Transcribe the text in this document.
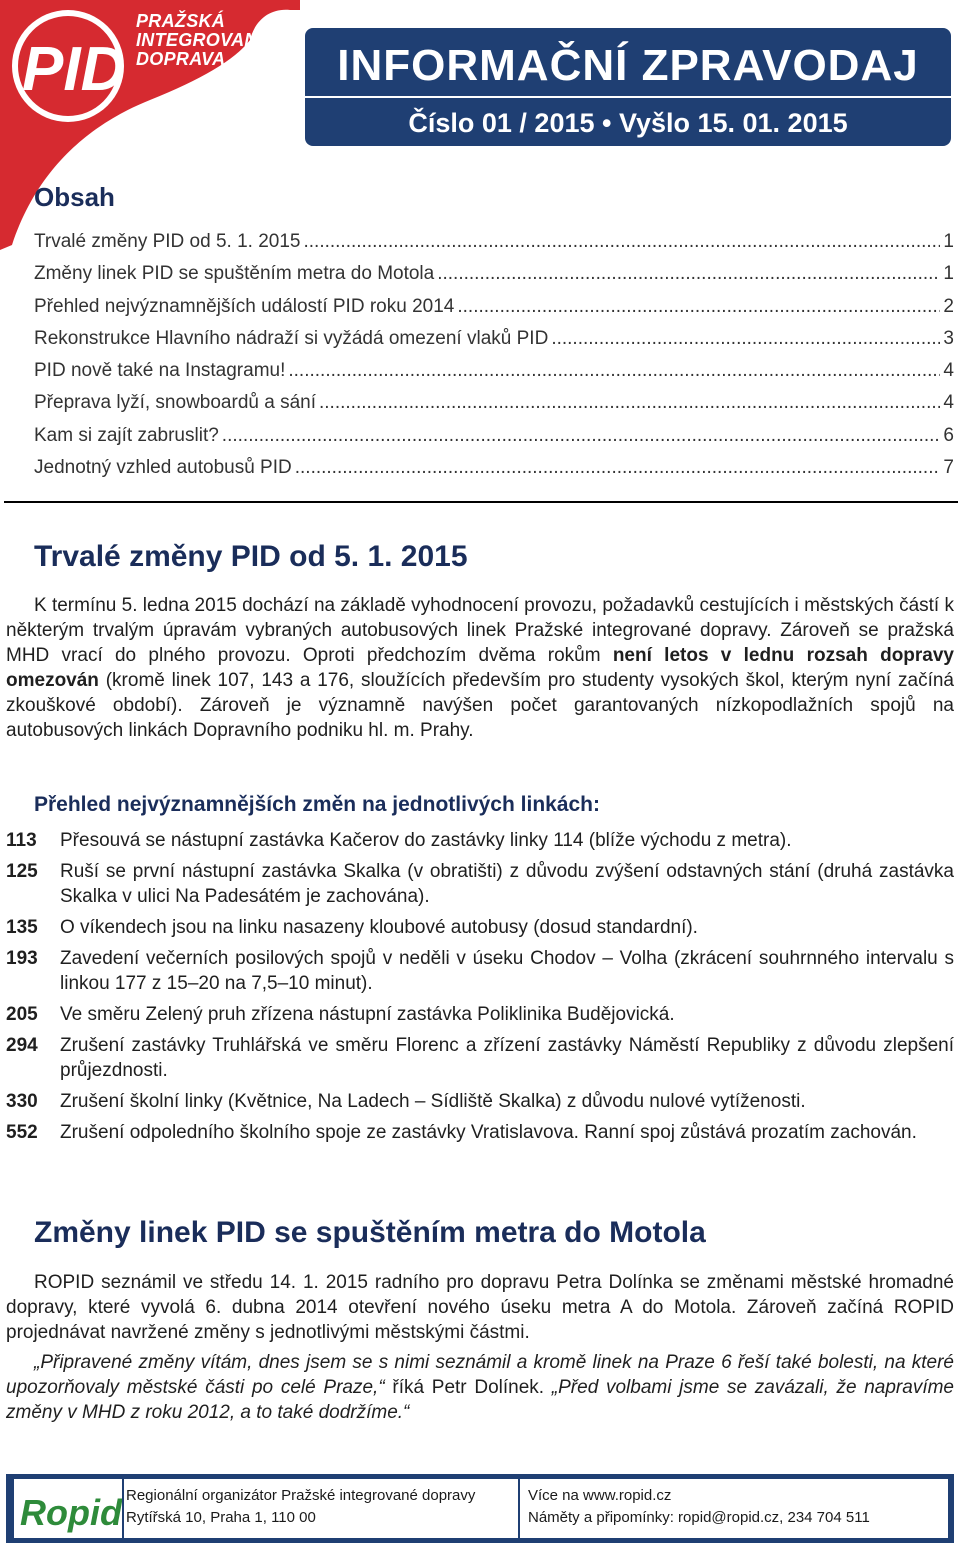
PID
PRAŽSKÁ
INTEGROVANÁ
DOPRAVA	INFORMAČNÍ ZPRAVODAJ
Číslo 01 / 2015 • Vyšlo 15. 01. 2015
Obsah
Trvalé změny PID od 5. 1. 2015 .....	1
Změny linek PID se spuštěním metra do Motola .....	1
Přehled nejvýznamnějších událostí PID roku 2014 .....	2
Rekonstrukce Hlavního nádraží si vyžádá omezení vlaků PID .....	3
PID nově také na Instagramu! .....	4
Přeprava lyží, snowboardů a sání .....	4
Kam si zajít zabruslit? .....	6
Jednotný vzhled autobusů PID .....	7
Trvalé změny PID od 5. 1. 2015
K termínu 5. ledna 2015 dochází na základě vyhodnocení provozu, požadavků cestujících i městských částí k některým trvalým úpravám vybraných autobusových linek Pražské integrované dopravy. Zároveň se pražská MHD vrací do plného provozu. Oproti předchozím dvěma rokům není letos v lednu rozsah dopravy omezován (kromě linek 107, 143 a 176, sloužících především pro studenty vysokých škol, kterým nyní začíná zkouškové období). Zároveň je významně navýšen počet garantovaných nízkopodlažních spojů na autobusových linkách Dopravního podniku hl. m. Prahy.
Přehled nejvýznamnějších změn na jednotlivých linkách:
113	Přesouvá se nástupní zastávka Kačerov do zastávky linky 114 (blíže východu z metra).
125	Ruší se první nástupní zastávka Skalka (v obratišti) z důvodu zvýšení odstavných stání (druhá zastávka Skalka v ulici Na Padesátém je zachována).
135	O víkendech jsou na linku nasazeny kloubové autobusy (dosud standardní).
193	Zavedení večerních posilových spojů v neděli v úseku Chodov – Volha (zkrácení souhrnného intervalu s linkou 177 z 15–20 na 7,5–10 minut).
205	Ve směru Zelený pruh zřízena nástupní zastávka Poliklinika Budějovická.
294	Zrušení zastávky Truhlářská ve směru Florenc a zřízení zastávky Náměstí Republiky z důvodu zlepšení průjezdnosti.
330	Zrušení školní linky (Květnice, Na Ladech – Sídliště Skalka) z důvodu nulové vytíženosti.
552	Zrušení odpoledního školního spoje ze zastávky Vratislavova. Ranní spoj zůstává prozatím zachován.
Změny linek PID se spuštěním metra do Motola
ROPID seznámil ve středu 14. 1. 2015 radního pro dopravu Petra Dolínka se změnami městské hromadné dopravy, které vyvolá 6. dubna 2014 otevření nového úseku metra A do Motola. Zároveň začíná ROPID projednávat navržené změny s jednotlivými městskými částmi.
„Připravené změny vítám, dnes jsem se s nimi seznámil a kromě linek na Praze 6 řeší také bolesti, na které upozorňovaly městské části po celé Praze,“ říká Petr Dolínek. „Před volbami jsme se zavázali, že napravíme změny v MHD z roku 2012, a to také dodržíme.“
Ropid Regionální organizátor Pražské integrované dopravy
Rytířská 10, Praha 1, 110 00
Více na www.ropid.cz
Náměty a připomínky: ropid@ropid.cz, 234 704 511
